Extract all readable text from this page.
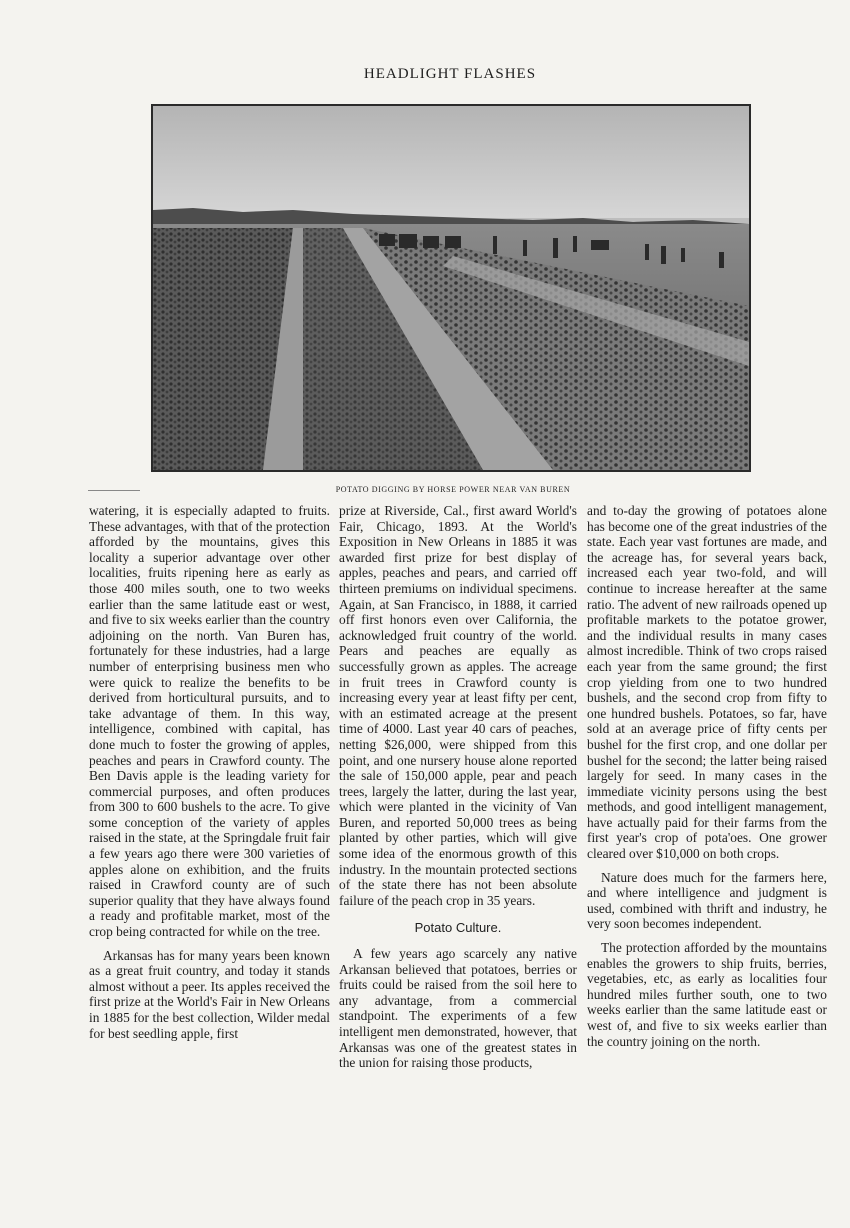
HEADLIGHT FLASHES
POTATO DIGGING BY HORSE POWER NEAR VAN BUREN

watering, it is especially adapted to fruits. These advantages, with that of the protection afforded by the mountains, gives this locality a superior advantage over other localities, fruits ripening here as early as those 400 miles south, one to two weeks earlier than the same latitude east or west, and five to six weeks earlier than the country adjoining on the north. Van Buren has, fortunately for these industries, had a large number of enterprising business men who were quick to realize the benefits to be derived from horticultural pursuits, and to take advantage of them. In this way, intelligence, combined with capital, has done much to foster the growing of apples, peaches and pears in Crawford county. The Ben Davis apple is the leading variety for commercial purposes, and often produces from 300 to 600 bushels to the acre. To give some conception of the variety of apples raised in the state, at the Springdale fruit fair a few years ago there were 300 varieties of apples alone on exhibition, and the fruits raised in Crawford county are of such superior quality that they have always found a ready and profitable market, most of the crop being contracted for while on the tree.

Arkansas has for many years been known as a great fruit country, and today it stands almost without a peer. Its apples received the first prize at the World's Fair in New Orleans in 1885 for the best collection, Wilder medal for best seedling apple, first

prize at Riverside, Cal., first award World's Fair, Chicago, 1893. At the World's Exposition in New Orleans in 1885 it was awarded first prize for best display of apples, peaches and pears, and carried off thirteen premiums on individual specimens. Again, at San Francisco, in 1888, it carried off first honors even over California, the acknowledged fruit country of the world. Pears and peaches are equally as successfully grown as apples. The acreage in fruit trees in Crawford county is increasing every year at least fifty per cent, with an estimated acreage at the present time of 4000. Last year 40 cars of peaches, netting $26,000, were shipped from this point, and one nursery house alone reported the sale of 150,000 apple, pear and peach trees, largely the latter, during the last year, which were planted in the vicinity of Van Buren, and reported 50,000 trees as being planted by other parties, which will give some idea of the enormous growth of this industry. In the mountain protected sections of the state there has not been absolute failure of the peach crop in 35 years.

Potato Culture.

A few years ago scarcely any native Arkansan believed that potatoes, berries or fruits could be raised from the soil here to any advantage, from a commercial standpoint. The experiments of a few intelligent men demonstrated, however, that Arkansas was one of the greatest states in the union for raising those products,

and to-day the growing of potatoes alone has become one of the great industries of the state. Each year vast fortunes are made, and the acreage has, for several years back, increased each year two-fold, and will continue to increase hereafter at the same ratio. The advent of new railroads opened up profitable markets to the potatoe grower, and the individual results in many cases almost incredible. Think of two crops raised each year from the same ground; the first crop yielding from one to two hundred bushels, and the second crop from fifty to one hundred bushels. Potatoes, so far, have sold at an average price of fifty cents per bushel for the first crop, and one dollar per bushel for the second; the latter being raised largely for seed. In many cases in the immediate vicinity persons using the best methods, and good intelligent management, have actually paid for their farms from the first year's crop of pota'oes. One grower cleared over $10,000 on both crops.

Nature does much for the farmers here, and where intelligence and judgment is used, combined with thrift and industry, he very soon becomes independent.

The protection afforded by the mountains enables the growers to ship fruits, berries, vegetabies, etc, as early as localities four hundred miles further south, one to two weeks earlier than the same latitude east or west of, and five to six weeks earlier than the country joining on the north.
